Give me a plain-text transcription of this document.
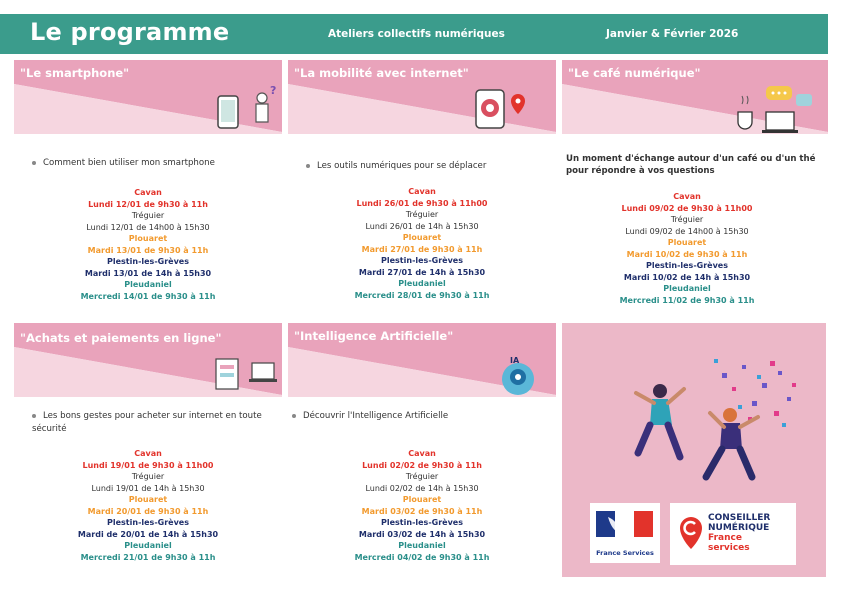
Le programme	Ateliers collectifs numériques	Janvier & Février 2026
"Le smartphone"
?
Comment bien utiliser mon smartphone
Cavan
Lundi 12/01 de 9h30 à 11h
Tréguier
Lundi 12/01 de 14h00 à 15h30
Plouaret
Mardi 13/01 de 9h30 à 11h
Plestin-les-Grèves
Mardi 13/01 de 14h à 15h30
Pleudaniel
Mercredi 14/01 de 9h30 à 11h
"La mobilité avec internet"
Les outils numériques pour se déplacer
Cavan
Lundi 26/01 de 9h30 à 11h00
Tréguier
Lundi 26/01 de 14h à 15h30
Plouaret
Mardi 27/01 de 9h30 à 11h
Plestin-les-Grèves
Mardi 27/01 de 14h à 15h30
Pleudaniel
Mercredi 28/01 de 9h30 à 11h
"Le café numérique"
Un moment d'échange autour d'un café ou d'un thé pour répondre à vos questions
Cavan
Lundi 09/02 de 9h30 à 11h00
Tréguier
Lundi 09/02 de 14h00 à 15h30
Plouaret
Mardi 10/02 de 9h30 à 11h
Plestin-les-Grèves
Mardi 10/02 de 14h à 15h30
Pleudaniel
Mercredi 11/02 de 9h30 à 11h
"Achats et paiements en ligne"
Les bons gestes pour acheter sur internet en toute sécurité
Cavan
Lundi 19/01 de 9h30 à 11h00
Tréguier
Lundi 19/01 de 14h à 15h30
Plouaret
Mardi 20/01 de 9h30 à 11h
Plestin-les-Grèves
Mardi de 20/01 de 14h à 15h30
Pleudaniel
Mercredi 21/01 de 9h30 à 11h
"Intelligence Artificielle"
IA
Découvrir l'Intelligence Artificielle
Cavan
Lundi 02/02 de 9h30 à 11h
Tréguier
Lundi 02/02 de 14h à 15h30
Plouaret
Mardi 03/02 de 9h30 à 11h
Plestin-les-Grèves
Mardi 03/02 de 14h à 15h30
Pleudaniel
Mercredi 04/02 de 9h30 à 11h	France Services
CONSEILLER
NUMÉRIQUE
France
services
